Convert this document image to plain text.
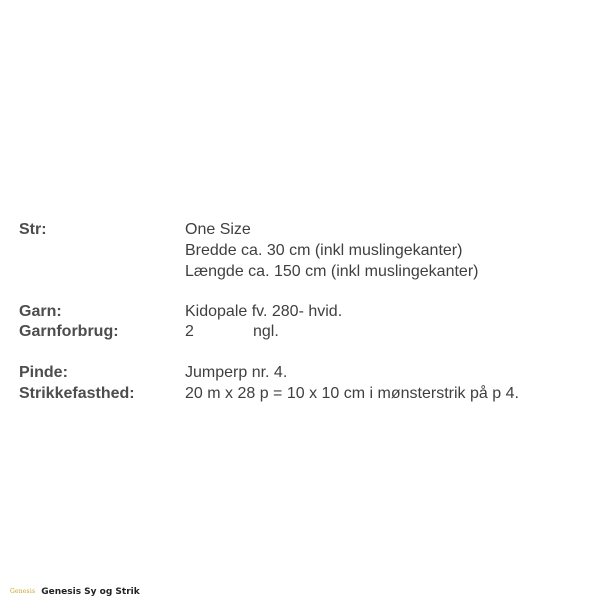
Str:	One Size
Bredde ca. 30 cm (inkl muslingekanter)
Længde ca. 150 cm (inkl muslingekanter)
Garn:	Kidopale fv. 280- hvid.
Garnforbrug:	2	ngl.
Pinde:	Jumperp nr. 4.
Strikkefasthed:	20 m x 28 p = 10 x 10 cm i mønsterstrik på p 4.
Genesis Genesis Sy og Strik
